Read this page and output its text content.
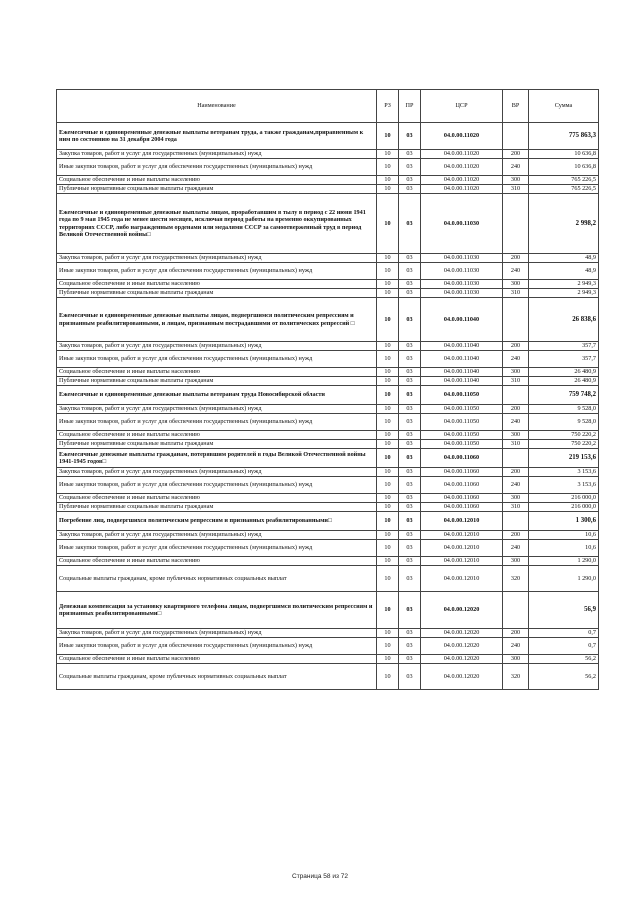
Наименование	РЗ	ПР	ЦСР	ВР	Сумма
Ежемесячные и единовременные денежные выплаты ветеранам труда, а также гражданам,приравненным к ним по состоянию на 31 декабря 2004 года	10	03	04.0.00.11020		775 863,3
Закупка товаров, работ и услуг для государственных (муниципальных) нужд	10	03	04.0.00.11020	200	10 636,8
Иные закупки товаров, работ и услуг для обеспечения государственных (муниципальных) нужд	10	03	04.0.00.11020	240	10 636,8
Социальное обеспечение и иные выплаты населению	10	03	04.0.00.11020	300	765 226,5
Публичные нормативные социальные выплаты гражданам	10	03	04.0.00.11020	310	765 226,5
Ежемесячные и единовременные денежные выплаты лицам, проработавшим в тылу в период с 22 июня 1941 года по 9 мая 1945 года не менее шести месяцев, исключая период работы на временно оккупированных территориях СССР, либо награжденным орденами или медалями СССР за самоотверженный труд в период Великой Отечественной войны□	10	03	04.0.00.11030		2 998,2
Закупка товаров, работ и услуг для государственных (муниципальных) нужд	10	03	04.0.00.11030	200	48,9
Иные закупки товаров, работ и услуг для обеспечения государственных (муниципальных) нужд	10	03	04.0.00.11030	240	48,9
Социальное обеспечение и иные выплаты населению	10	03	04.0.00.11030	300	2 949,3
Публичные нормативные социальные выплаты гражданам	10	03	04.0.00.11030	310	2 949,3
Ежемесячные и единовременные денежные выплаты лицам, подвергшимся политическим репрессиям и признанным реабилитированными, и лицам, признанным пострадавшими от политических репрессий □	10	03	04.0.00.11040		26 838,6
Закупка товаров, работ и услуг для государственных (муниципальных) нужд	10	03	04.0.00.11040	200	357,7
Иные закупки товаров, работ и услуг для обеспечения государственных (муниципальных) нужд	10	03	04.0.00.11040	240	357,7
Социальное обеспечение и иные выплаты населению	10	03	04.0.00.11040	300	26 480,9
Публичные нормативные социальные выплаты гражданам	10	03	04.0.00.11040	310	26 480,9
Ежемесячные и единовременные денежные выплаты ветеранам труда Новосибирской области	10	03	04.0.00.11050		759 748,2
Закупка товаров, работ и услуг для государственных (муниципальных) нужд	10	03	04.0.00.11050	200	9 528,0
Иные закупки товаров, работ и услуг для обеспечения государственных (муниципальных) нужд	10	03	04.0.00.11050	240	9 528,0
Социальное обеспечение и иные выплаты населению	10	03	04.0.00.11050	300	750 220,2
Публичные нормативные социальные выплаты гражданам	10	03	04.0.00.11050	310	750 220,2
Ежемесячные денежные выплаты гражданам, потерявшим родителей в годы Великой Отечественной войны 1941-1945 годов□	10	03	04.0.00.11060		219 153,6
Закупка товаров, работ и услуг для государственных (муниципальных) нужд	10	03	04.0.00.11060	200	3 153,6
Иные закупки товаров, работ и услуг для обеспечения государственных (муниципальных) нужд	10	03	04.0.00.11060	240	3 153,6
Социальное обеспечение и иные выплаты населению	10	03	04.0.00.11060	300	216 000,0
Публичные нормативные социальные выплаты гражданам	10	03	04.0.00.11060	310	216 000,0
Погребение лиц, подвергшихся политическим репрессиям и признанных реабилитированными□	10	03	04.0.00.12010		1 300,6
Закупка товаров, работ и услуг для государственных (муниципальных) нужд	10	03	04.0.00.12010	200	10,6
Иные закупки товаров, работ и услуг для обеспечения государственных (муниципальных) нужд	10	03	04.0.00.12010	240	10,6
Социальное обеспечение и иные выплаты населению	10	03	04.0.00.12010	300	1 290,0
Социальные выплаты гражданам, кроме публичных нормативных социальных выплат	10	03	04.0.00.12010	320	1 290,0
Денежная компенсация за установку квартирного телефона лицам, подвергшимся политическим репрессиям и признанных реабилитированными□	10	03	04.0.00.12020		56,9
Закупка товаров, работ и услуг для государственных (муниципальных) нужд	10	03	04.0.00.12020	200	0,7
Иные закупки товаров, работ и услуг для обеспечения государственных (муниципальных) нужд	10	03	04.0.00.12020	240	0,7
Социальное обеспечение и иные выплаты населению	10	03	04.0.00.12020	300	56,2
Социальные выплаты гражданам, кроме публичных нормативных социальных выплат	10	03	04.0.00.12020	320	56,2
Страница 58 из 72
